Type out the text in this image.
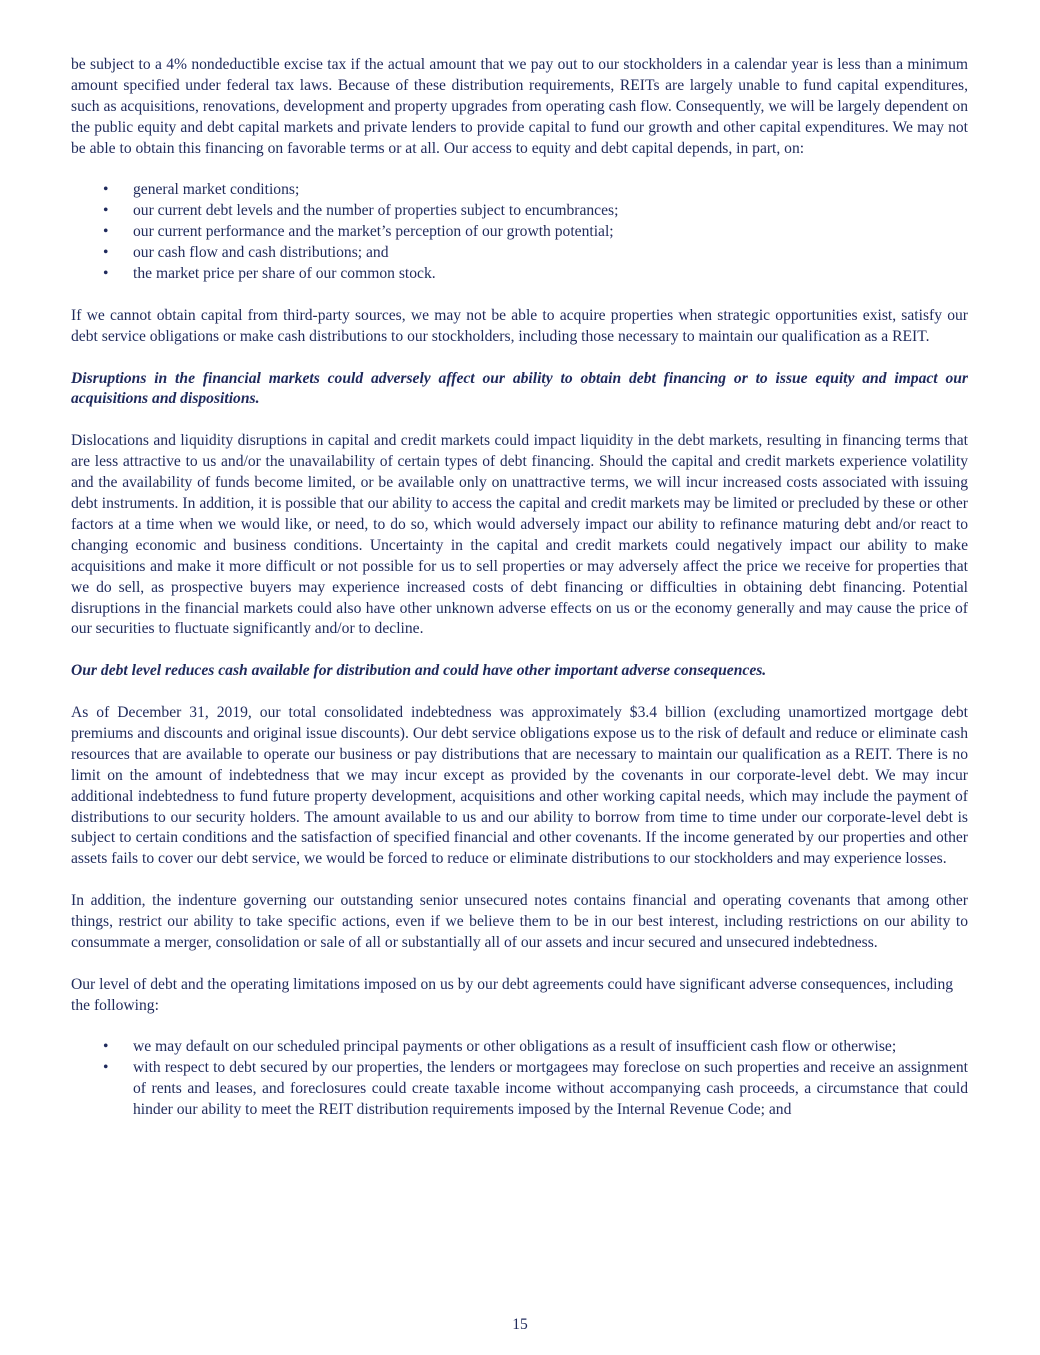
be subject to a 4% nondeductible excise tax if the actual amount that we pay out to our stockholders in a calendar year is less than a minimum amount specified under federal tax laws. Because of these distribution requirements, REITs are largely unable to fund capital expenditures, such as acquisitions, renovations, development and property upgrades from operating cash flow. Consequently, we will be largely dependent on the public equity and debt capital markets and private lenders to provide capital to fund our growth and other capital expenditures. We may not be able to obtain this financing on favorable terms or at all. Our access to equity and debt capital depends, in part, on:

• general market conditions;
• our current debt levels and the number of properties subject to encumbrances;
• our current performance and the market’s perception of our growth potential;
• our cash flow and cash distributions; and
• the market price per share of our common stock.

If we cannot obtain capital from third-party sources, we may not be able to acquire properties when strategic opportunities exist, satisfy our debt service obligations or make cash distributions to our stockholders, including those necessary to maintain our qualification as a REIT.

Disruptions in the financial markets could adversely affect our ability to obtain debt financing or to issue equity and impact our acquisitions and dispositions.

Dislocations and liquidity disruptions in capital and credit markets could impact liquidity in the debt markets, resulting in financing terms that are less attractive to us and/or the unavailability of certain types of debt financing. Should the capital and credit markets experience volatility and the availability of funds become limited, or be available only on unattractive terms, we will incur increased costs associated with issuing debt instruments. In addition, it is possible that our ability to access the capital and credit markets may be limited or precluded by these or other factors at a time when we would like, or need, to do so, which would adversely impact our ability to refinance maturing debt and/or react to changing economic and business conditions. Uncertainty in the capital and credit markets could negatively impact our ability to make acquisitions and make it more difficult or not possible for us to sell properties or may adversely affect the price we receive for properties that we do sell, as prospective buyers may experience increased costs of debt financing or difficulties in obtaining debt financing. Potential disruptions in the financial markets could also have other unknown adverse effects on us or the economy generally and may cause the price of our securities to fluctuate significantly and/or to decline.

Our debt level reduces cash available for distribution and could have other important adverse consequences.

As of December 31, 2019, our total consolidated indebtedness was approximately $3.4 billion (excluding unamortized mortgage debt premiums and discounts and original issue discounts). Our debt service obligations expose us to the risk of default and reduce or eliminate cash resources that are available to operate our business or pay distributions that are necessary to maintain our qualification as a REIT. There is no limit on the amount of indebtedness that we may incur except as provided by the covenants in our corporate-level debt. We may incur additional indebtedness to fund future property development, acquisitions and other working capital needs, which may include the payment of distributions to our security holders. The amount available to us and our ability to borrow from time to time under our corporate-level debt is subject to certain conditions and the satisfaction of specified financial and other covenants. If the income generated by our properties and other assets fails to cover our debt service, we would be forced to reduce or eliminate distributions to our stockholders and may experience losses.

In addition, the indenture governing our outstanding senior unsecured notes contains financial and operating covenants that among other things, restrict our ability to take specific actions, even if we believe them to be in our best interest, including restrictions on our ability to consummate a merger, consolidation or sale of all or substantially all of our assets and incur secured and unsecured indebtedness.

Our level of debt and the operating limitations imposed on us by our debt agreements could have significant adverse consequences, including the following:

• we may default on our scheduled principal payments or other obligations as a result of insufficient cash flow or otherwise;
• with respect to debt secured by our properties, the lenders or mortgagees may foreclose on such properties and receive an assignment of rents and leases, and foreclosures could create taxable income without accompanying cash proceeds, a circumstance that could hinder our ability to meet the REIT distribution requirements imposed by the Internal Revenue Code; and
15
